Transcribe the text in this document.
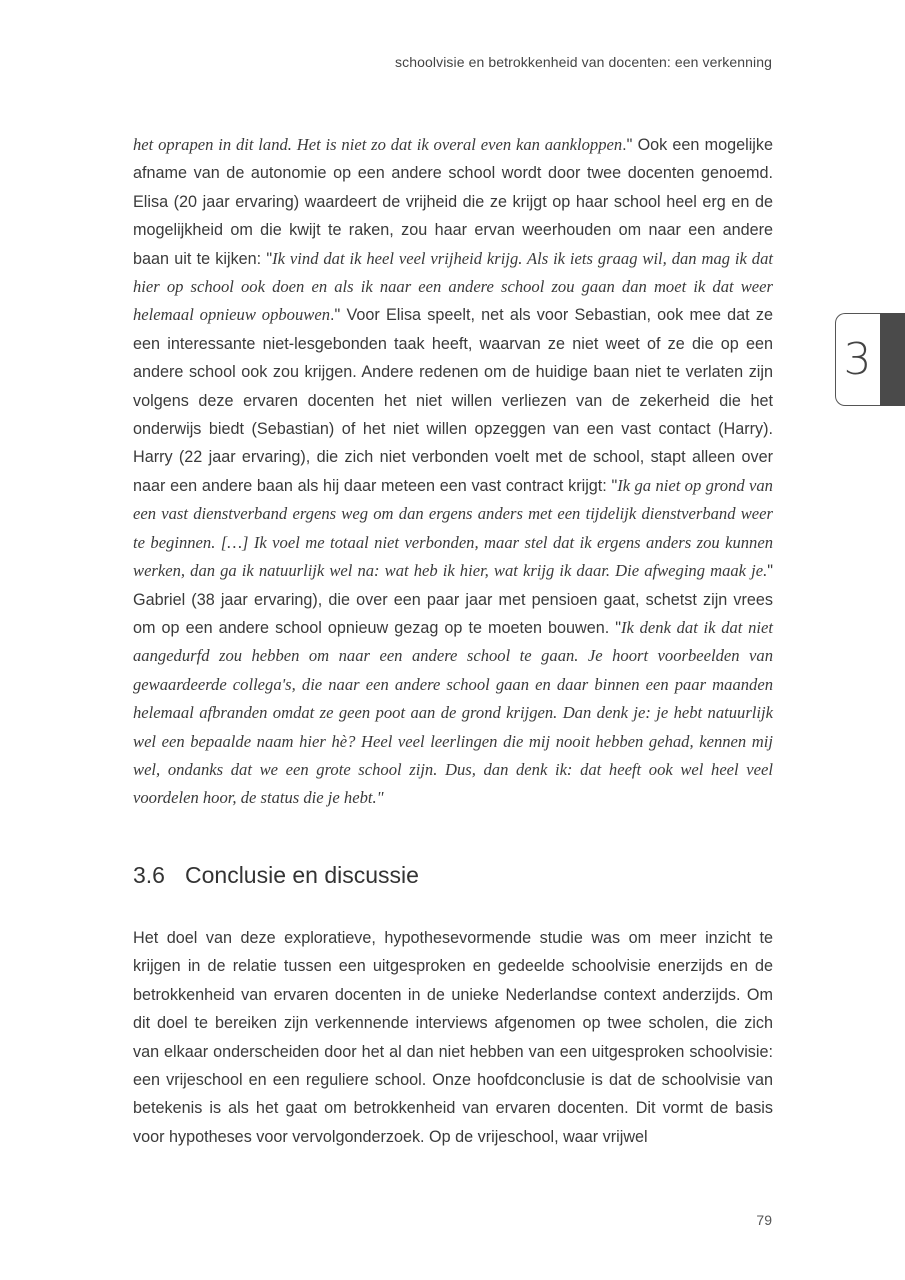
schoolvisie en betrokkenheid van docenten: een verkenning
3

het oprapen in dit land. Het is niet zo dat ik overal even kan aankloppen." Ook een mogelijke afname van de autonomie op een andere school wordt door twee docenten genoemd. Elisa (20 jaar ervaring) waardeert de vrijheid die ze krijgt op haar school heel erg en de mogelijkheid om die kwijt te raken, zou haar ervan weerhouden om naar een andere baan uit te kijken: "Ik vind dat ik heel veel vrijheid krijg. Als ik iets graag wil, dan mag ik dat hier op school ook doen en als ik naar een andere school zou gaan dan moet ik dat weer helemaal opnieuw opbouwen." Voor Elisa speelt, net als voor Sebastian, ook mee dat ze een interessante niet-lesgebonden taak heeft, waarvan ze niet weet of ze die op een andere school ook zou krijgen. Andere redenen om de huidige baan niet te verlaten zijn volgens deze ervaren docenten het niet willen verliezen van de zekerheid die het onderwijs biedt (Sebastian) of het niet willen opzeggen van een vast contact (Harry). Harry (22 jaar ervaring), die zich niet verbonden voelt met de school, stapt alleen over naar een andere baan als hij daar meteen een vast contract krijgt: "Ik ga niet op grond van een vast dienstverband ergens weg om dan ergens anders met een tijdelijk dienstverband weer te beginnen. […] Ik voel me totaal niet verbonden, maar stel dat ik ergens anders zou kunnen werken, dan ga ik natuurlijk wel na: wat heb ik hier, wat krijg ik daar. Die afweging maak je." Gabriel (38 jaar ervaring), die over een paar jaar met pensioen gaat, schetst zijn vrees om op een andere school opnieuw gezag op te moeten bouwen. "Ik denk dat ik dat niet aangedurfd zou hebben om naar een andere school te gaan. Je hoort voorbeelden van gewaardeerde collega's, die naar een andere school gaan en daar binnen een paar maanden helemaal afbranden omdat ze geen poot aan de grond krijgen. Dan denk je: je hebt natuurlijk wel een bepaalde naam hier hè? Heel veel leerlingen die mij nooit hebben gehad, kennen mij wel, ondanks dat we een grote school zijn. Dus, dan denk ik: dat heeft ook wel heel veel voordelen hoor, de status die je hebt."

3.6 Conclusie en discussie

Het doel van deze exploratieve, hypothesevormende studie was om meer inzicht te krijgen in de relatie tussen een uitgesproken en gedeelde schoolvisie enerzijds en de betrokkenheid van ervaren docenten in de unieke Nederlandse context anderzijds. Om dit doel te bereiken zijn verkennende interviews afgenomen op twee scholen, die zich van elkaar onderscheiden door het al dan niet hebben van een uitgesproken schoolvisie: een vrijeschool en een reguliere school. Onze hoofdconclusie is dat de schoolvisie van betekenis is als het gaat om betrokkenheid van ervaren docenten. Dit vormt de basis voor hypotheses voor vervolgonderzoek. Op de vrijeschool, waar vrijwel

79
